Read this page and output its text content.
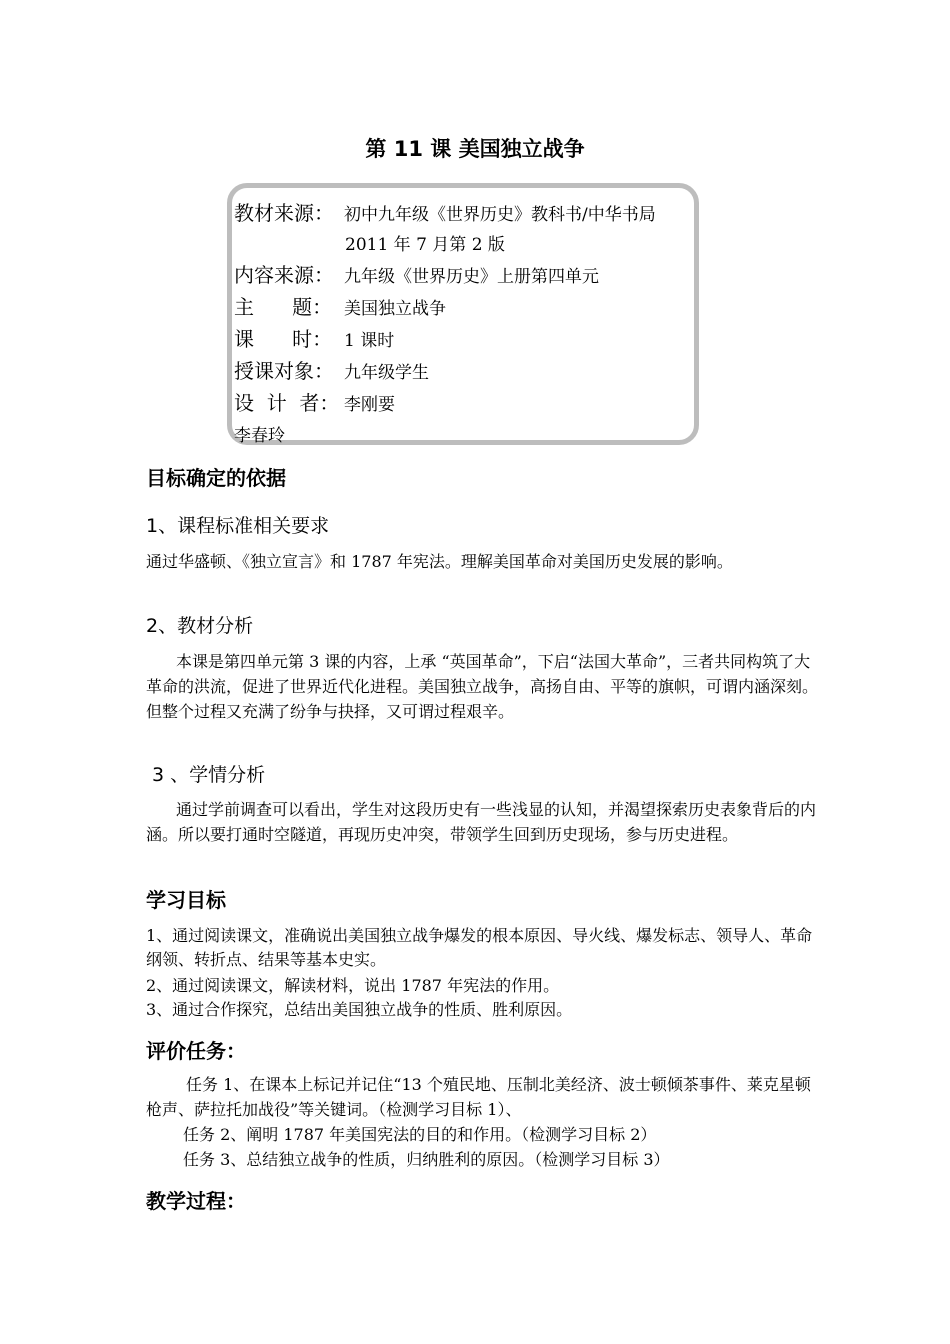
第 11 课 美国独立战争
教材来源： 初中九年级《世界历史》教科书/中华书局
2011 年 7 月第 2 版
内容来源： 九年级《世界历史》上册第四单元
主      题： 美国独立战争
课      时： 1 课时
授课对象： 九年级学生
设  计  者： 李刚要
李春玲
目标确定的依据
1、课程标准相关要求
通过华盛顿、《独立宣言》和 1787 年宪法。理解美国革命对美国历史发展的影响。
2、教材分析
本课是第四单元第 3 课的内容，上承 “英国革命”，下启“法国大革命”，三者共同构筑了大革命的洪流，促进了世界近代化进程。美国独立战争，高扬自由、平等的旗帜，可谓内涵深刻。但整个过程又充满了纷争与抉择，又可谓过程艰辛。
3 、学情分析
通过学前调查可以看出，学生对这段历史有一些浅显的认知，并渴望探索历史表象背后的内涵。所以要打通时空隧道，再现历史冲突，带领学生回到历史现场，参与历史进程。
学习目标
1、通过阅读课文，准确说出美国独立战争爆发的根本原因、导火线、爆发标志、领导人、革命纲领、转折点、结果等基本史实。
2、通过阅读课文，解读材料，说出 1787 年宪法的作用。
3、通过合作探究，总结出美国独立战争的性质、胜利原因。
评价任务：
任务 1、在课本上标记并记住“13 个殖民地、压制北美经济、波士顿倾茶事件、莱克星顿枪声、萨拉托加战役”等关键词。（检测学习目标 1）、
任务 2、阐明 1787 年美国宪法的目的和作用。（检测学习目标 2）
任务 3、总结独立战争的性质，归纳胜利的原因。（检测学习目标 3）
教学过程：
